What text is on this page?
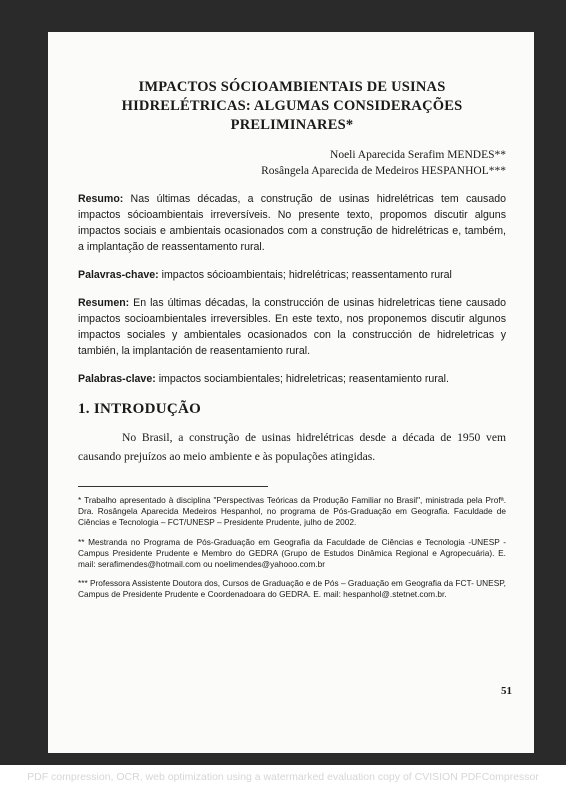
IMPACTOS SÓCIOAMBIENTAIS DE USINAS HIDRELÉTRICAS: ALGUMAS CONSIDERAÇÕES PRELIMINARES*
Noeli Aparecida Serafim MENDES**
Rosângela Aparecida de Medeiros HESPANHOL***
Resumo: Nas últimas décadas, a construção de usinas hidrelétricas tem causado impactos sócioambientais irreversíveis. No presente texto, propomos discutir alguns impactos sociais e ambientais ocasionados com a construção de hidrelétricas e, também, a implantação de reassentamento rural.
Palavras-chave: impactos sócioambientais; hidrelétricas; reassentamento rural
Resumen: En las últimas décadas, la construcción de usinas hidreletricas tiene causado impactos socioambientales irreversibles. En este texto, nos proponemos discutir algunos impactos sociales y ambientales ocasionados con la construcción de hidreletricas y también, la implantación de reasentamiento rural.
Palabras-clave: impactos sociambientales; hidreletricas; reasentamiento rural.
1. INTRODUÇÃO
No Brasil, a construção de usinas hidrelétricas desde a década de 1950 vem causando prejuízos ao meio ambiente e às populações atingidas.
* Trabalho apresentado à disciplina "Perspectivas Teóricas da Produção Familiar no Brasil", ministrada pela Profª. Dra. Rosângela Aparecida Medeiros Hespanhol, no programa de Pós-Graduação em Geografia. Faculdade de Ciências e Tecnologia – FCT/UNESP – Presidente Prudente, julho de 2002.
** Mestranda no Programa de Pós-Graduação em Geografia da Faculdade de Ciências e Tecnologia -UNESP - Campus Presidente Prudente e Membro do GEDRA (Grupo de Estudos Dinâmica Regional e Agropecuária). E. mail: serafimendes@hotmail.com ou noelimendes@yahooo.com.br
*** Professora Assistente Doutora dos, Cursos de Graduação e de Pós – Graduação em Geografia da FCT- UNESP, Campus de Presidente Prudente e Coordenadoara do GEDRA. E. mail: hespanhol@.stetnet.com.br.
51
PDF compression, OCR, web optimization using a watermarked evaluation copy of CVISION PDFCompressor
